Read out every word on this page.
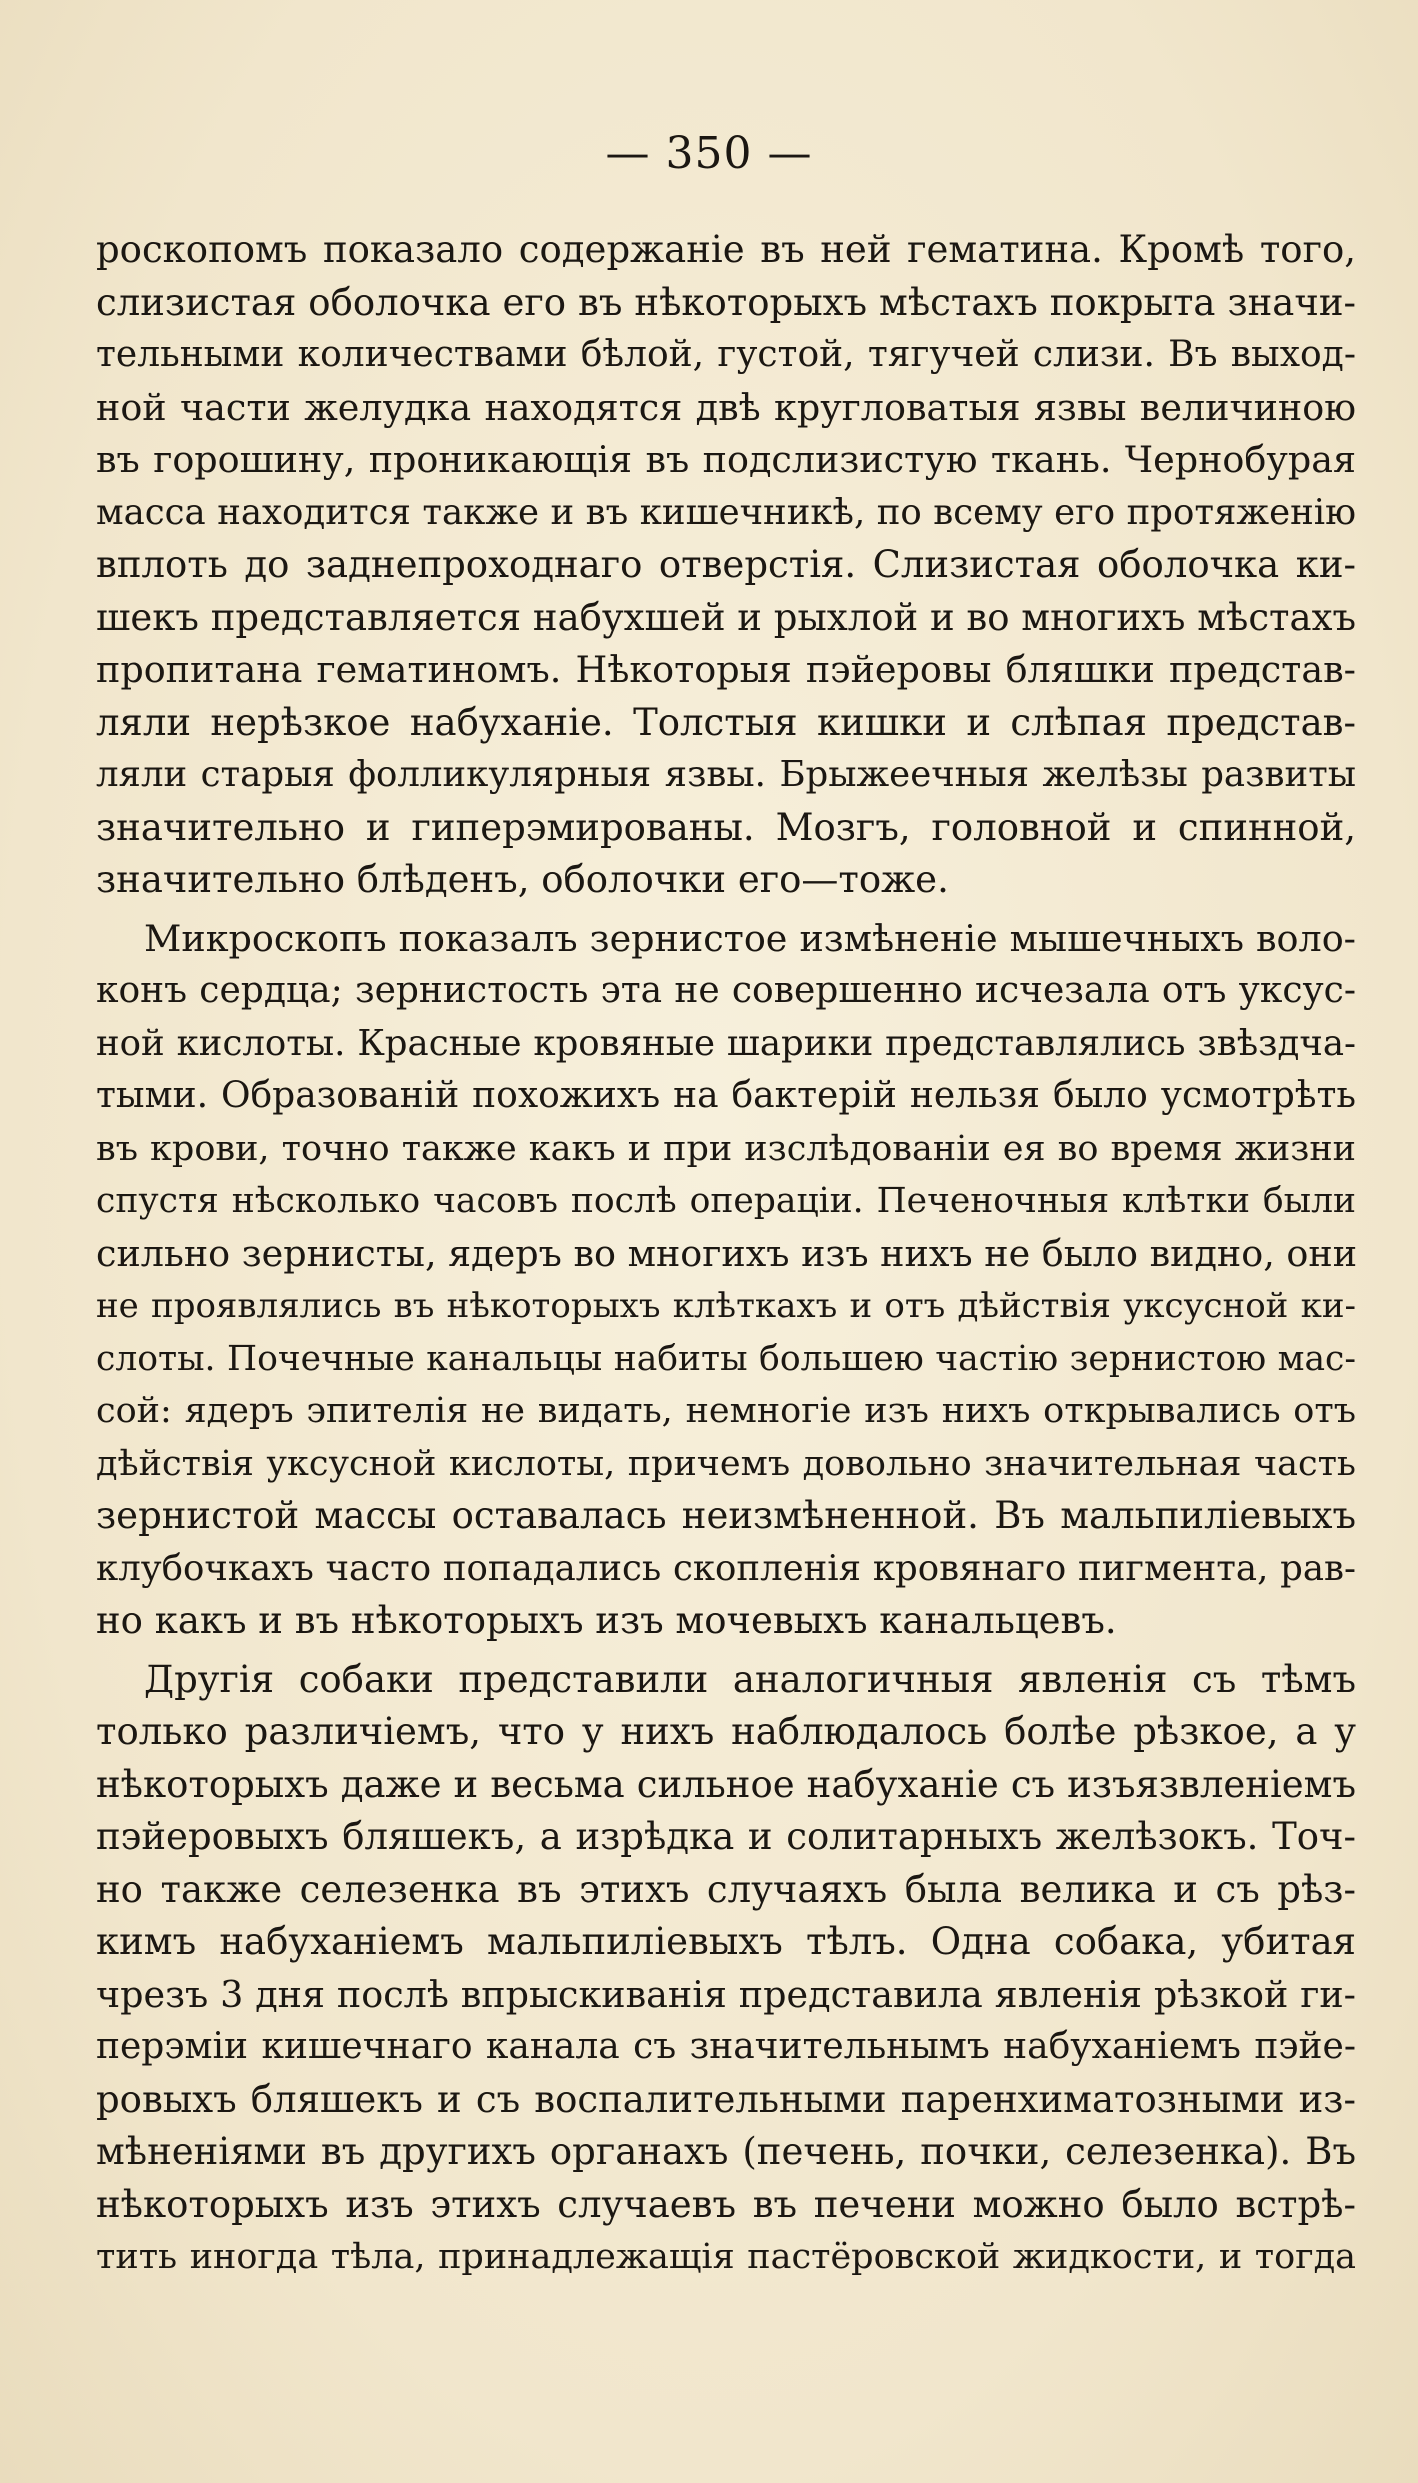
— 350 —
роскопомъ показало содержаніе въ ней гематина. Кромѣ того,
слизистая оболочка его въ нѣкоторыхъ мѣстахъ покрыта значи-
тельными количествами бѣлой, густой, тягучей слизи. Въ выход-
ной части желудка находятся двѣ кругловатыя язвы величиною
въ горошину, проникающія въ подслизистую ткань. Чернобурая
масса находится также и въ кишечникѣ, по всему его протяженію
вплоть до заднепроходнаго отверстія. Слизистая оболочка ки-
шекъ представляется набухшей и рыхлой и во многихъ мѣстахъ
пропитана гематиномъ. Нѣкоторыя пэйеровы бляшки представ-
ляли нерѣзкое набуханіе. Толстыя кишки и слѣпая представ-
ляли старыя фолликулярныя язвы. Брыжеечныя желѣзы развиты
значительно и гиперэмированы. Мозгъ, головной и спинной,
значительно блѣденъ, оболочки его—тоже.
Микроскопъ показалъ зернистое измѣненіе мышечныхъ воло-
конъ сердца; зернистость эта не совершенно исчезала отъ уксус-
ной кислоты. Красные кровяные шарики представлялись звѣздча-
тыми. Образованій похожихъ на бактерій нельзя было усмотрѣть
въ крови, точно также какъ и при изслѣдованіи ея во время жизни
спустя нѣсколько часовъ послѣ операціи. Печеночныя клѣтки были
сильно зернисты, ядеръ во многихъ изъ нихъ не было видно, они
не проявлялись въ нѣкоторыхъ клѣткахъ и отъ дѣйствія уксусной ки-
слоты. Почечные канальцы набиты большею частію зернистою мас-
сой: ядеръ эпителія не видать, немногіе изъ нихъ открывались отъ
дѣйствія уксусной кислоты, причемъ довольно значительная часть
зернистой массы оставалась неизмѣненной. Въ мальпиліевыхъ
клубочкахъ часто попадались скопленія кровянаго пигмента, рав-
но какъ и въ нѣкоторыхъ изъ мочевыхъ канальцевъ.
Другія собаки представили аналогичныя явленія съ тѣмъ
только различіемъ, что у нихъ наблюдалось болѣе рѣзкое, а у
нѣкоторыхъ даже и весьма сильное набуханіе съ изъязвленіемъ
пэйеровыхъ бляшекъ, а изрѣдка и солитарныхъ желѣзокъ. Точ-
но также селезенка въ этихъ случаяхъ была велика и съ рѣз-
кимъ набуханіемъ мальпиліевыхъ тѣлъ. Одна собака, убитая
чрезъ 3 дня послѣ впрыскиванія представила явленія рѣзкой ги-
перэміи кишечнаго канала съ значительнымъ набуханіемъ пэйе-
ровыхъ бляшекъ и съ воспалительными паренхиматозными из-
мѣненіями въ другихъ органахъ (печень, почки, селезенка). Въ
нѣкоторыхъ изъ этихъ случаевъ въ печени можно было встрѣ-
тить иногда тѣла, принадлежащія пастёровской жидкости, и тогда
